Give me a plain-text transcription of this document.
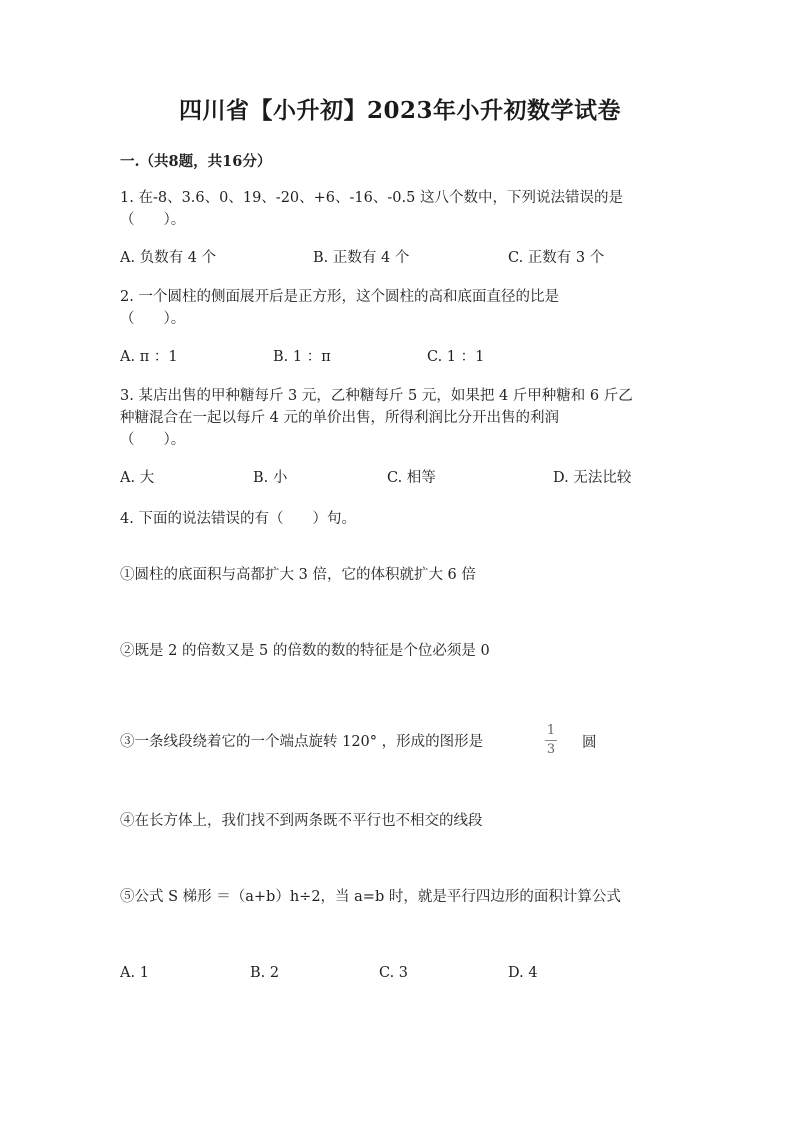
四川省【小升初】2023年小升初数学试卷
一.（共8题，共16分）
1. 在-8、3.6、0、19、-20、+6、-16、-0.5 这八个数中，下列说法错误的是
（　　）。
A. 负数有 4 个	B. 正数有 4 个	C. 正数有 3 个
2. 一个圆柱的侧面展开后是正方形，这个圆柱的高和底面直径的比是
（　　）。
A. π ：1	B. 1 ：π	C. 1 ：1
3. 某店出售的甲种糖每斤 3 元，乙种糖每斤 5 元，如果把 4 斤甲种糖和 6 斤乙
种糖混合在一起以每斤 4 元的单价出售，所得利润比分开出售的利润
（　　）。
A. 大	B. 小	C. 相等	D. 无法比较
4. 下面的说法错误的有（　　）句。
①圆柱的底面积与高都扩大 3 倍，它的体积就扩大 6 倍
②既是 2 的倍数又是 5 的倍数的数的特征是个位必须是 0
③一条线段绕着它的一个端点旋转 120° ，形成的图形是
1
3	圆
④在长方体上，我们找不到两条既不平行也不相交的线段
⑤公式 S 梯形 ＝（a+b）h÷2，当 a=b 时，就是平行四边形的面积计算公式
A. 1	B. 2	C. 3	D. 4
